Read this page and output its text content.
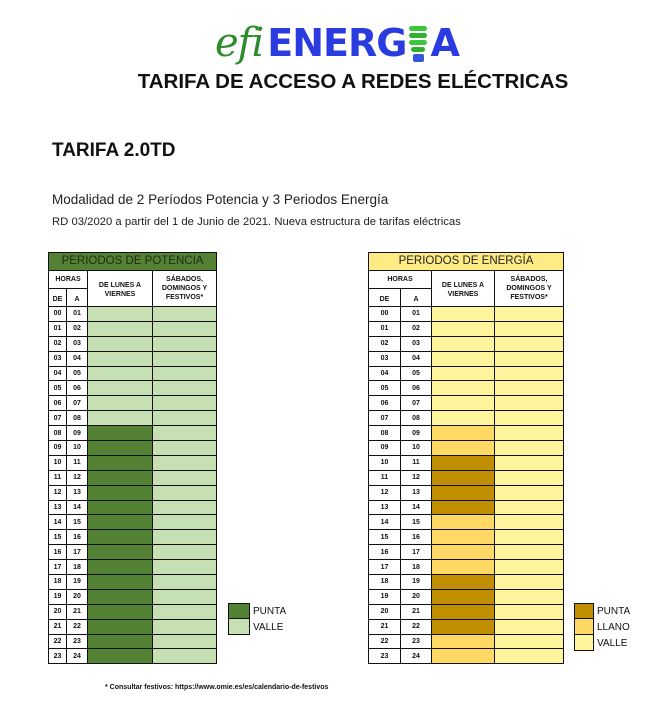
efi ENERG A
TARIFA DE ACCESO A REDES ELÉCTRICAS
TARIFA 2.0TD
Modalidad de 2 Períodos Potencia y 3 Periodos Energía
RD 03/2020 a partir del 1 de Junio de 2021. Nueva estructura de tarifas eléctricas
PERIODOS DE POTENCIA			
HORAS		DE LUNES A VIERNES	SÁBADOS, DOMINGOS Y FESTIVOS*
DE	A		
00	01		
01	02		
02	03		
03	04		
04	05		
05	06		
06	07		
07	08		
08	09		
09	10		
10	11		
11	12		
12	13		
13	14		
14	15		
15	16		
16	17		
17	18		
18	19		
19	20		
20	21		
21	22		
22	23		
23	24		
PUNTA
VALLE
PERIODOS DE ENERGÍA			
HORAS		DE LUNES A VIERNES	SÁBADOS, DOMINGOS Y FESTIVOS*
DE	A		
00	01		
01	02		
02	03		
03	04		
04	05		
05	06		
06	07		
07	08		
08	09		
09	10		
10	11		
11	12		
12	13		
13	14		
14	15		
15	16		
16	17		
17	18		
18	19		
19	20		
20	21		
21	22		
22	23		
23	24		
PUNTA
LLANO
VALLE
* Consultar festivos: https://www.omie.es/es/calendario-de-festivos
